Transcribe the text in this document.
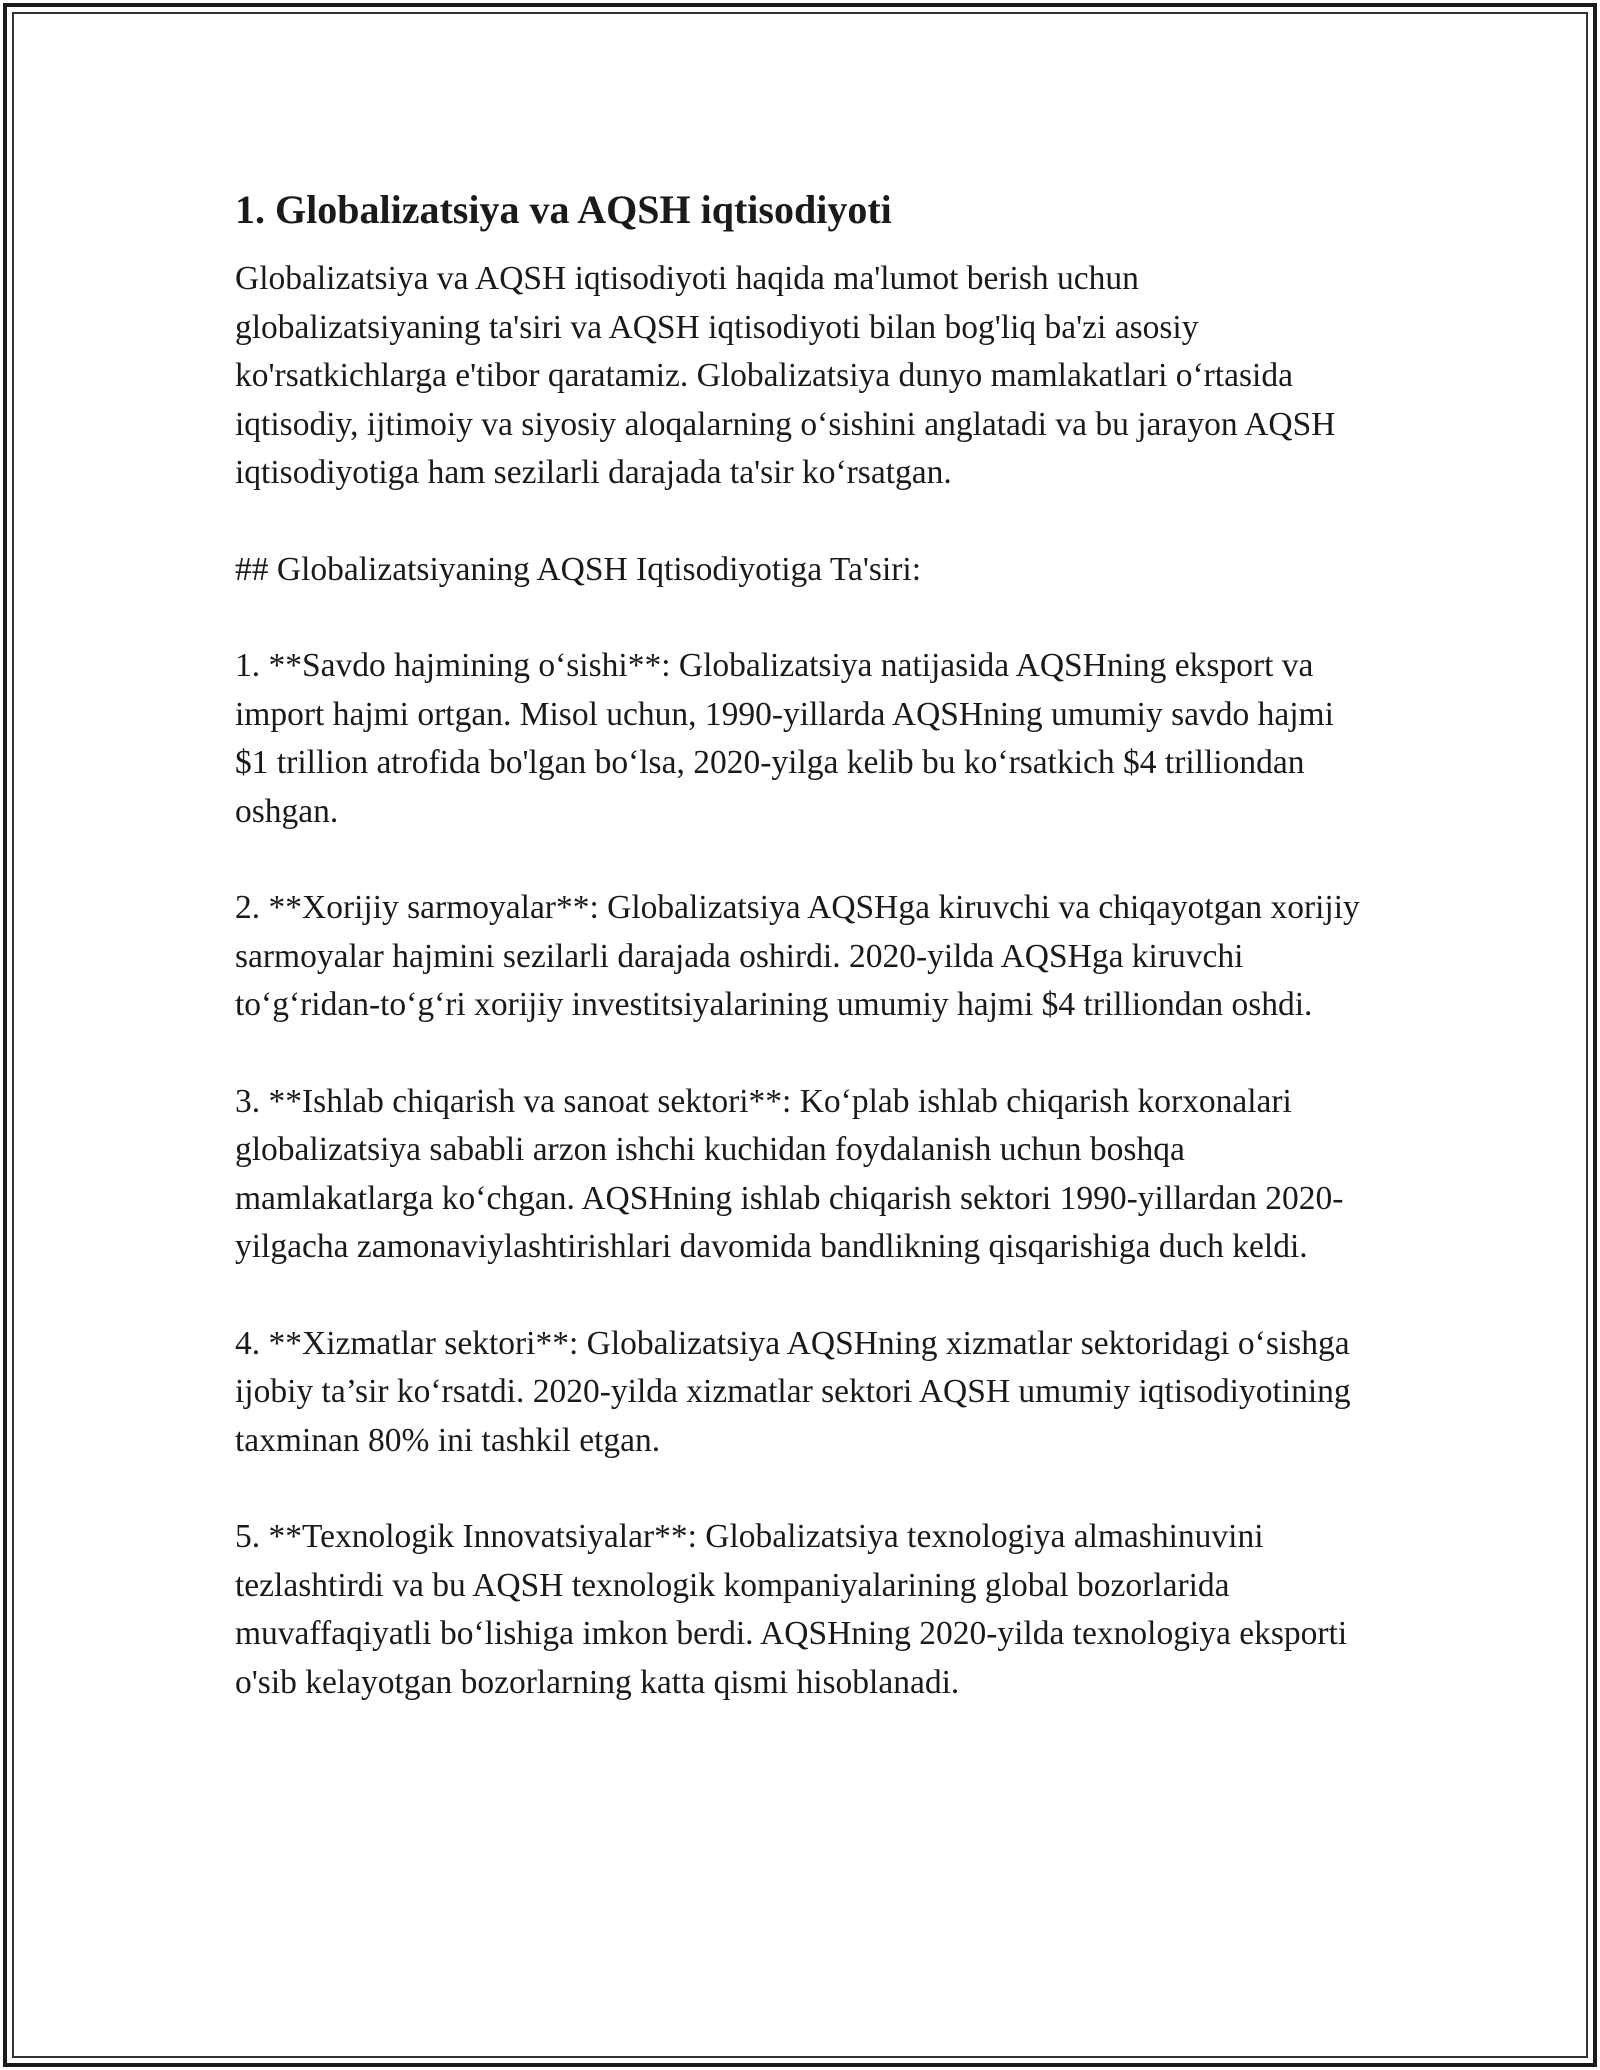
1. Globalizatsiya va AQSH iqtisodiyoti

Globalizatsiya va AQSH iqtisodiyoti haqida ma'lumot berish uchun globalizatsiyaning ta'siri va AQSH iqtisodiyoti bilan bog'liq ba'zi asosiy ko'rsatkichlarga e'tibor qaratamiz. Globalizatsiya dunyo mamlakatlari o‘rtasida iqtisodiy, ijtimoiy va siyosiy aloqalarning o‘sishini anglatadi va bu jarayon AQSH iqtisodiyotiga ham sezilarli darajada ta'sir ko‘rsatgan.

## Globalizatsiyaning AQSH Iqtisodiyotiga Ta'siri:

1. **Savdo hajmining o‘sishi**: Globalizatsiya natijasida AQSHning eksport va import hajmi ortgan. Misol uchun, 1990-yillarda AQSHning umumiy savdo hajmi $1 trillion atrofida bo'lgan bo‘lsa, 2020-yilga kelib bu ko‘rsatkich $4 trilliondan oshgan.

2. **Xorijiy sarmoyalar**: Globalizatsiya AQSHga kiruvchi va chiqayotgan xorijiy sarmoyalar hajmini sezilarli darajada oshirdi. 2020-yilda AQSHga kiruvchi to‘g‘ridan-to‘g‘ri xorijiy investitsiyalarining umumiy hajmi $4 trilliondan oshdi.

3. **Ishlab chiqarish va sanoat sektori**: Ko‘plab ishlab chiqarish korxonalari globalizatsiya sababli arzon ishchi kuchidan foydalanish uchun boshqa mamlakatlarga ko‘chgan. AQSHning ishlab chiqarish sektori 1990-yillardan 2020-yilgacha zamonaviylashtirishlari davomida bandlikning qisqarishiga duch keldi.

4. **Xizmatlar sektori**: Globalizatsiya AQSHning xizmatlar sektoridagi o‘sishga ijobiy ta’sir ko‘rsatdi. 2020-yilda xizmatlar sektori AQSH umumiy iqtisodiyotining taxminan 80% ini tashkil etgan.

5. **Texnologik Innovatsiyalar**: Globalizatsiya texnologiya almashinuvini tezlashtirdi va bu AQSH texnologik kompaniyalarining global bozorlarida muvaffaqiyatli bo‘lishiga imkon berdi. AQSHning 2020-yilda texnologiya eksporti o'sib kelayotgan bozorlarning katta qismi hisoblanadi.
